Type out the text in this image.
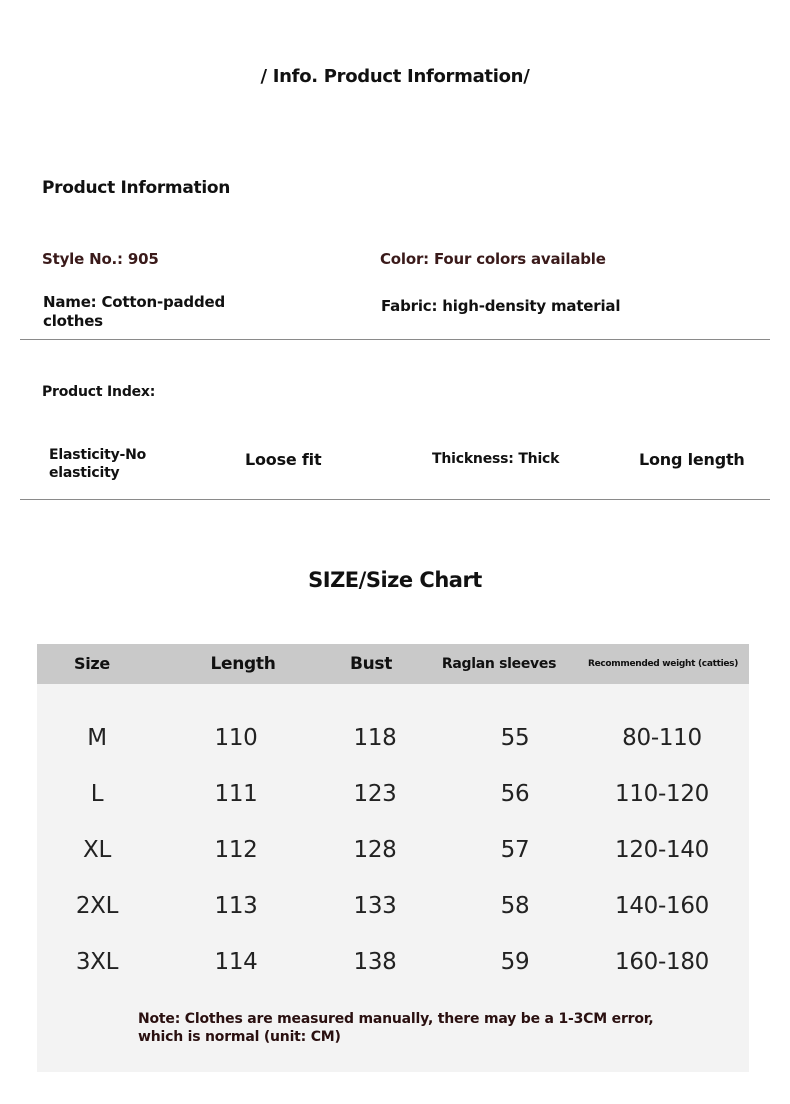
/ Info. Product Information/
Product Information
Style No.: 905	Color: Four colors available
Name: Cotton-padded clothes
Fabric: high-density material
Product Index:
Elasticity-No elasticity
Loose fit	Thickness: Thick	Long length
SIZE/Size Chart
Size	Length	Bust	Raglan sleeves	Recommended weight (catties)
M	110	118	55	80-110
L	111	123	56	110-120
XL	112	128	57	120-140
2XL	113	133	58	140-160
3XL	114	138	59	160-180
Note: Clothes are measured manually, there may be a 1-3CM error, which is normal (unit: CM)
